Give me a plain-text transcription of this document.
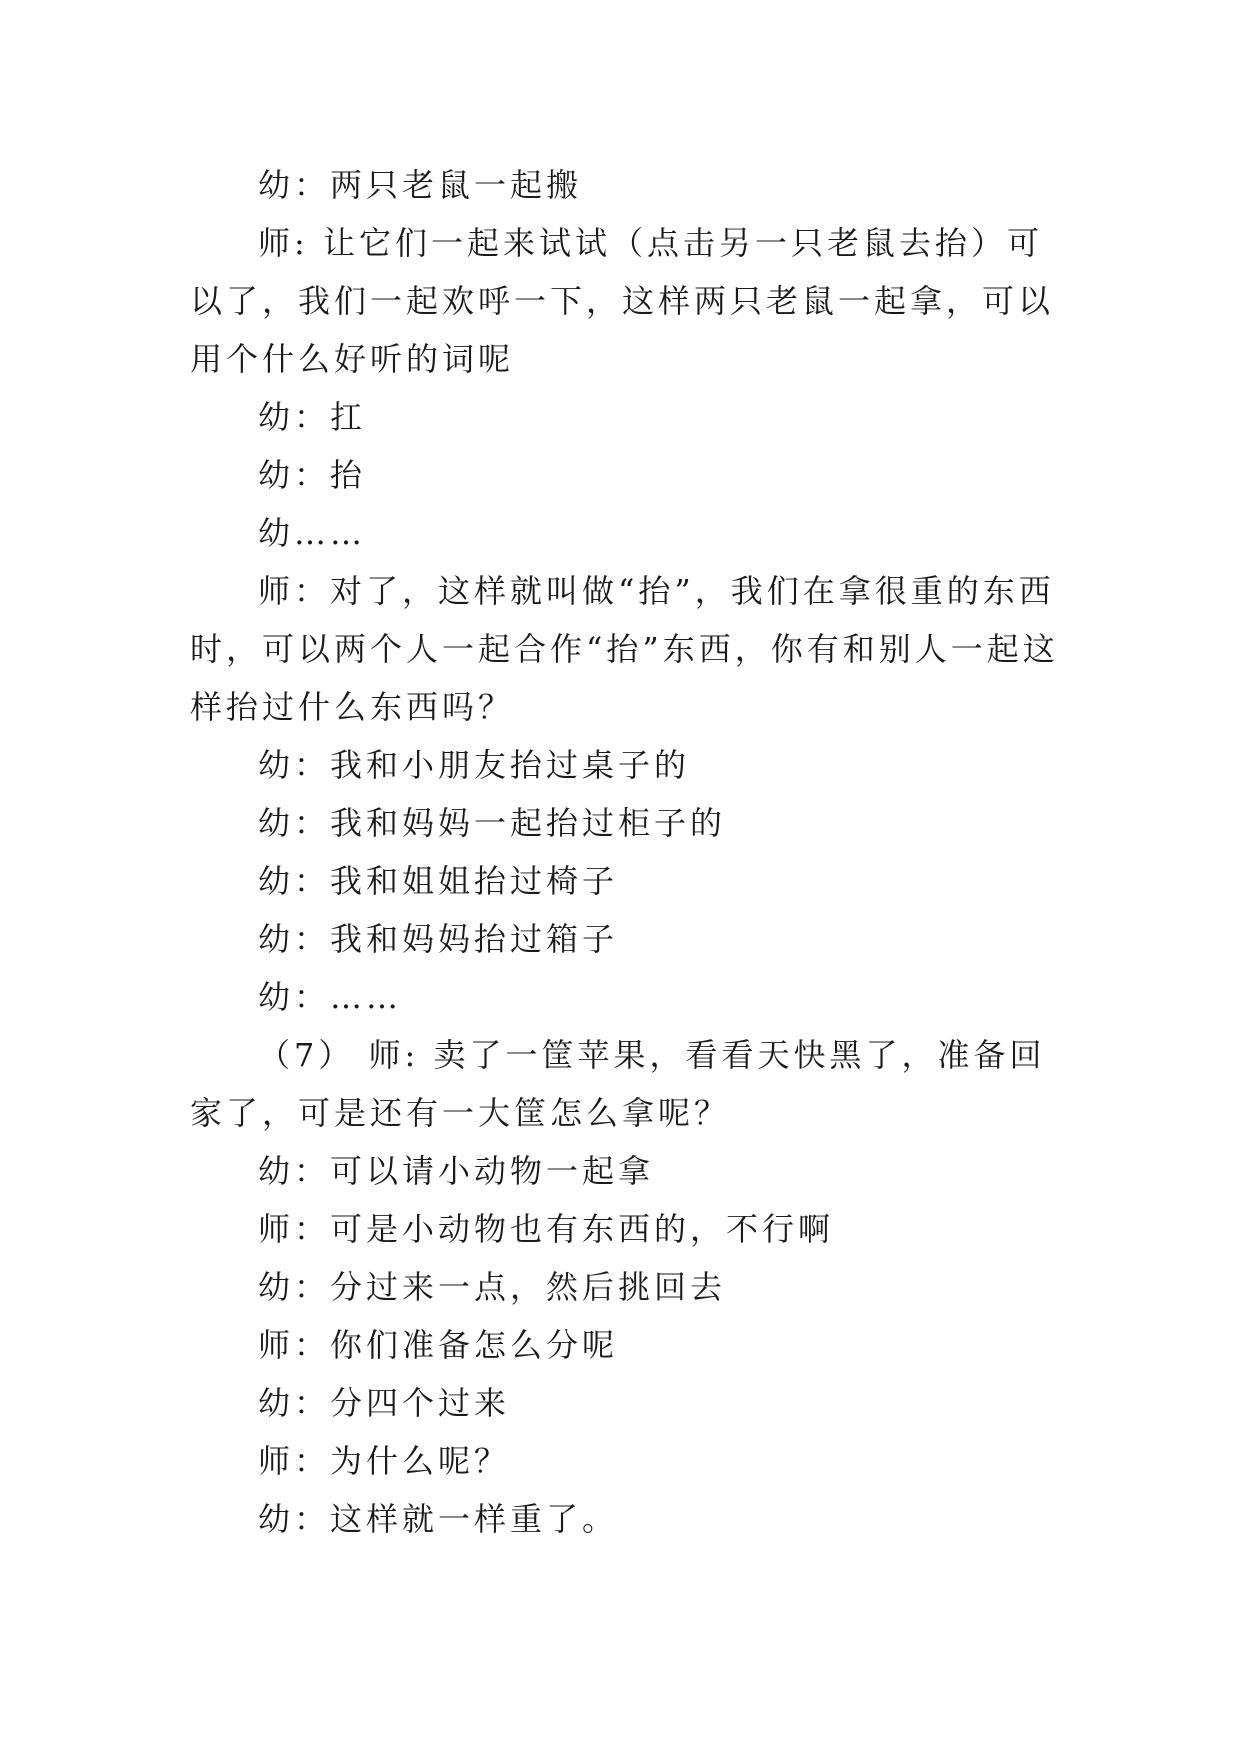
幼：两只老鼠一起搬

师: 让它们一起来试试（点击另一只老鼠去抬）可以了，我们一起欢呼一下，这样两只老鼠一起拿，可以用个什么好听的词呢

幼：扛

幼：抬

幼……

师：对了，这样就叫做“抬”，我们在拿很重的东西时，可以两个人一起合作“抬”东西，你有和别人一起这样抬过什么东西吗？

幼：我和小朋友抬过桌子的

幼：我和妈妈一起抬过柜子的

幼：我和姐姐抬过椅子

幼：我和妈妈抬过箱子

幼：……

（7） 师: 卖了一筐苹果，看看天快黑了，准备回家了，可是还有一大筐怎么拿呢？

幼：可以请小动物一起拿

师：可是小动物也有东西的，不行啊

幼：分过来一点，然后挑回去

师：你们准备怎么分呢

幼：分四个过来

师：为什么呢？

幼：这样就一样重了。
